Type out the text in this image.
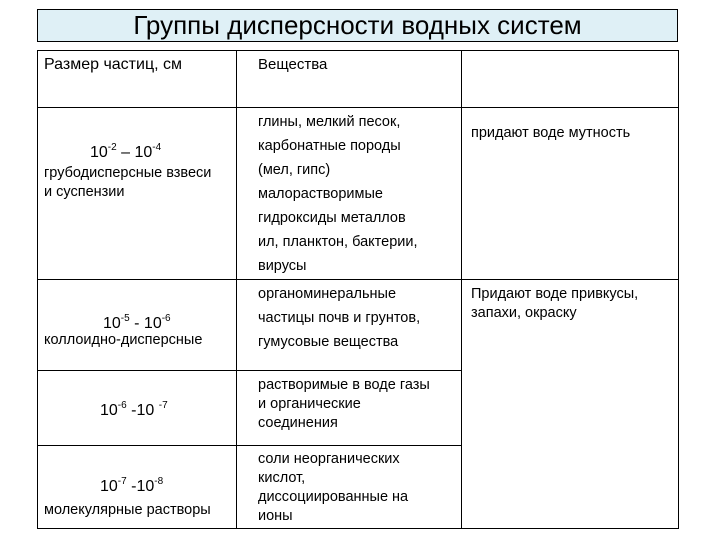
Группы дисперсности водных систем
Размер частиц, см	Вещества
$10^{-2} - 10^{-4}$
грубодисперсные взвеси
и суспензии
глины, мелкий песок,
карбонатные породы
(мел, гипс)
малорастворимые
гидроксиды металлов
ил, планктон, бактерии,
вирусы
придают воде мутность
$10^{-5} - 10^{-6}$
коллоидно-дисперсные
органоминеральные
частицы почв и грунтов,
гумусовые вещества
Придают воде привкусы,
запахи, окраску
$10^{-6}$ -10 $^{-7}$
растворимые в воде газы
и органические
соединения
$10^{-7}$ $-10^{-8}$
молекулярные растворы
соли неорганических
кислот,
диссоциированные на
ионы
